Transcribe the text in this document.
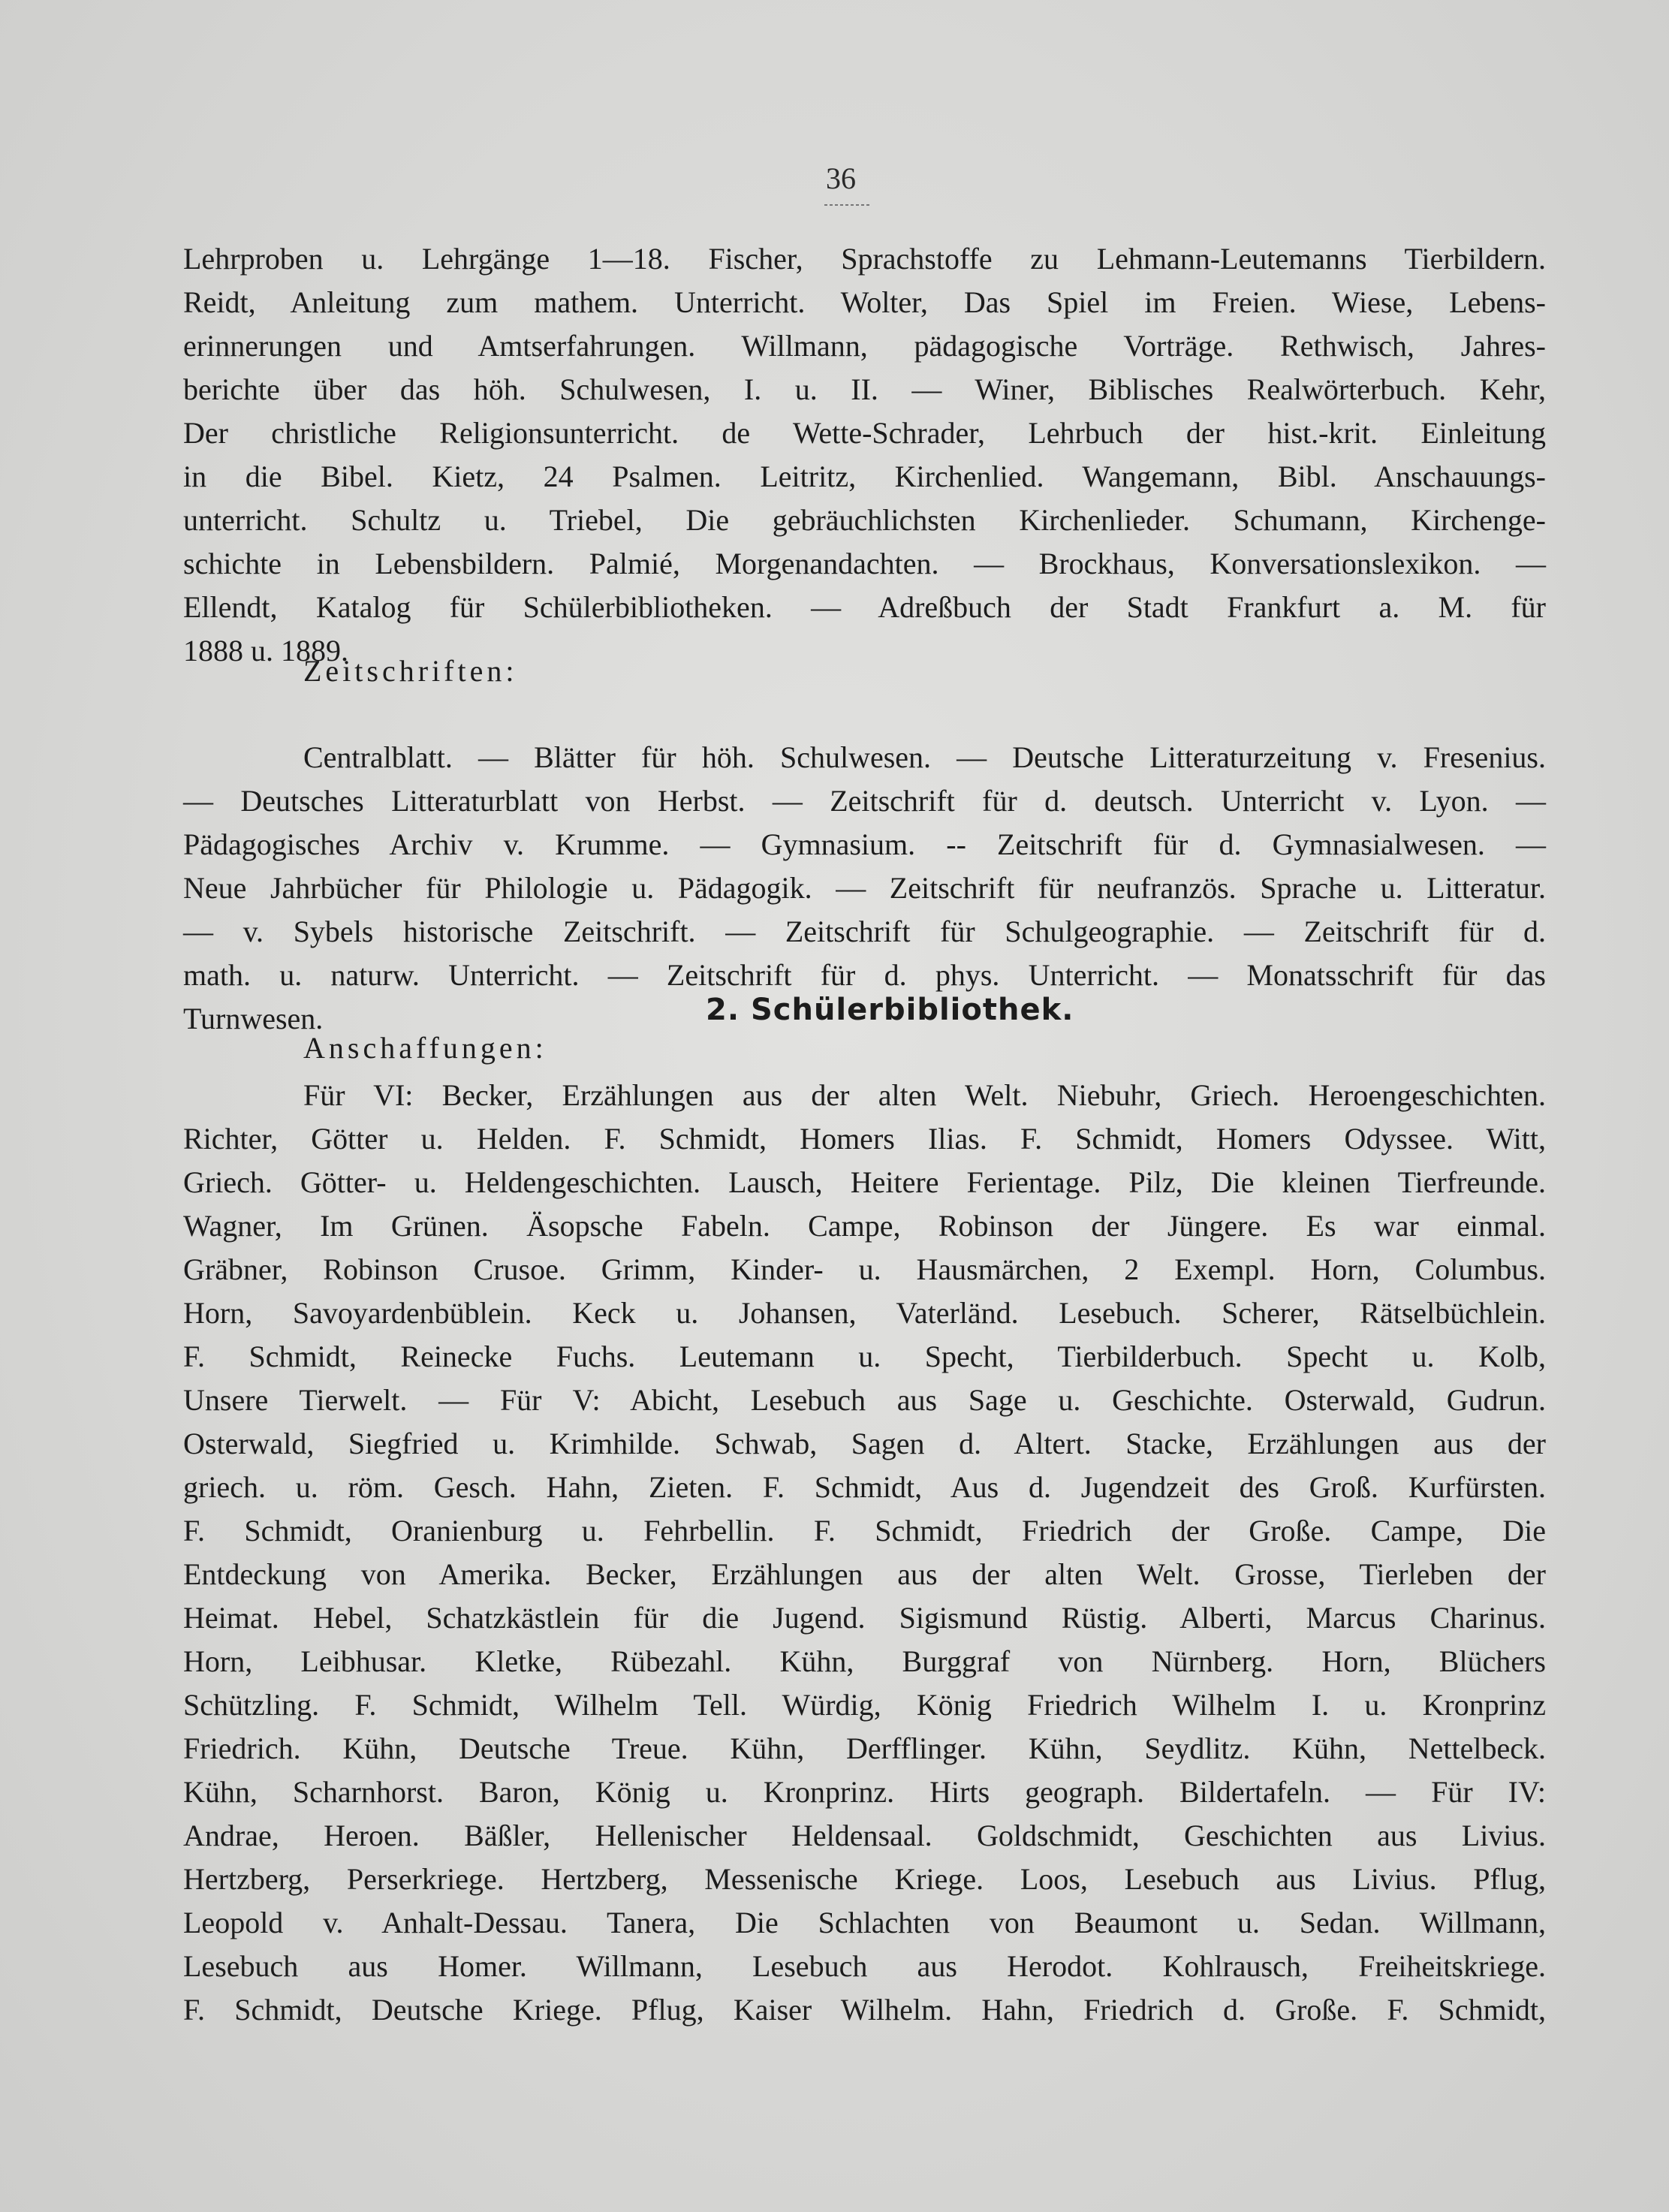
36
Lehrproben u. Lehrgänge 1—18. Fischer, Sprachstoffe zu Lehmann-Leutemanns Tierbildern.
Reidt, Anleitung zum mathem. Unterricht. Wolter, Das Spiel im Freien. Wiese, Lebens-
erinnerungen und Amtserfahrungen. Willmann, pädagogische Vorträge. Rethwisch, Jahres-
berichte über das höh. Schulwesen, I. u. II. — Winer, Biblisches Realwörterbuch. Kehr,
Der christliche Religionsunterricht. de Wette-Schrader, Lehrbuch der hist.-krit. Einleitung
in die Bibel. Kietz, 24 Psalmen. Leitritz, Kirchenlied. Wangemann, Bibl. Anschauungs-
unterricht. Schultz u. Triebel, Die gebräuchlichsten Kirchenlieder. Schumann, Kirchenge-
schichte in Lebensbildern. Palmié, Morgenandachten. — Brockhaus, Konversationslexikon. —
Ellendt, Katalog für Schülerbibliotheken. — Adreßbuch der Stadt Frankfurt a. M. für
1888 u. 1889.
Zeitschriften:
Centralblatt. — Blätter für höh. Schulwesen. — Deutsche Litteraturzeitung v. Fresenius.
— Deutsches Litteraturblatt von Herbst. — Zeitschrift für d. deutsch. Unterricht v. Lyon. —
Pädagogisches Archiv v. Krumme. — Gymnasium. -- Zeitschrift für d. Gymnasialwesen. —
Neue Jahrbücher für Philologie u. Pädagogik. — Zeitschrift für neufranzös. Sprache u. Litteratur.
— v. Sybels historische Zeitschrift. — Zeitschrift für Schulgeographie. — Zeitschrift für d.
math. u. naturw. Unterricht. — Zeitschrift für d. phys. Unterricht. — Monatsschrift für das
Turnwesen.	2. Schülerbibliothek.
Anschaffungen:
Für VI: Becker, Erzählungen aus der alten Welt. Niebuhr, Griech. Heroengeschichten.
Richter, Götter u. Helden. F. Schmidt, Homers Ilias. F. Schmidt, Homers Odyssee. Witt,
Griech. Götter- u. Heldengeschichten. Lausch, Heitere Ferientage. Pilz, Die kleinen Tierfreunde.
Wagner, Im Grünen. Äsopsche Fabeln. Campe, Robinson der Jüngere. Es war einmal.
Gräbner, Robinson Crusoe. Grimm, Kinder- u. Hausmärchen, 2 Exempl. Horn, Columbus.
Horn, Savoyardenbüblein. Keck u. Johansen, Vaterländ. Lesebuch. Scherer, Rätselbüchlein.
F. Schmidt, Reinecke Fuchs. Leutemann u. Specht, Tierbilderbuch. Specht u. Kolb,
Unsere Tierwelt. — Für V: Abicht, Lesebuch aus Sage u. Geschichte. Osterwald, Gudrun.
Osterwald, Siegfried u. Krimhilde. Schwab, Sagen d. Altert. Stacke, Erzählungen aus der
griech. u. röm. Gesch. Hahn, Zieten. F. Schmidt, Aus d. Jugendzeit des Groß. Kurfürsten.
F. Schmidt, Oranienburg u. Fehrbellin. F. Schmidt, Friedrich der Große. Campe, Die
Entdeckung von Amerika. Becker, Erzählungen aus der alten Welt. Grosse, Tierleben der
Heimat. Hebel, Schatzkästlein für die Jugend. Sigismund Rüstig. Alberti, Marcus Charinus.
Horn, Leibhusar. Kletke, Rübezahl. Kühn, Burggraf von Nürnberg. Horn, Blüchers
Schützling. F. Schmidt, Wilhelm Tell. Würdig, König Friedrich Wilhelm I. u. Kronprinz
Friedrich. Kühn, Deutsche Treue. Kühn, Derfflinger. Kühn, Seydlitz. Kühn, Nettelbeck.
Kühn, Scharnhorst. Baron, König u. Kronprinz. Hirts geograph. Bildertafeln. — Für IV:
Andrae, Heroen. Bäßler, Hellenischer Heldensaal. Goldschmidt, Geschichten aus Livius.
Hertzberg, Perserkriege. Hertzberg, Messenische Kriege. Loos, Lesebuch aus Livius. Pflug,
Leopold v. Anhalt-Dessau. Tanera, Die Schlachten von Beaumont u. Sedan. Willmann,
Lesebuch aus Homer. Willmann, Lesebuch aus Herodot. Kohlrausch, Freiheitskriege.
F. Schmidt, Deutsche Kriege. Pflug, Kaiser Wilhelm. Hahn, Friedrich d. Große. F. Schmidt,
